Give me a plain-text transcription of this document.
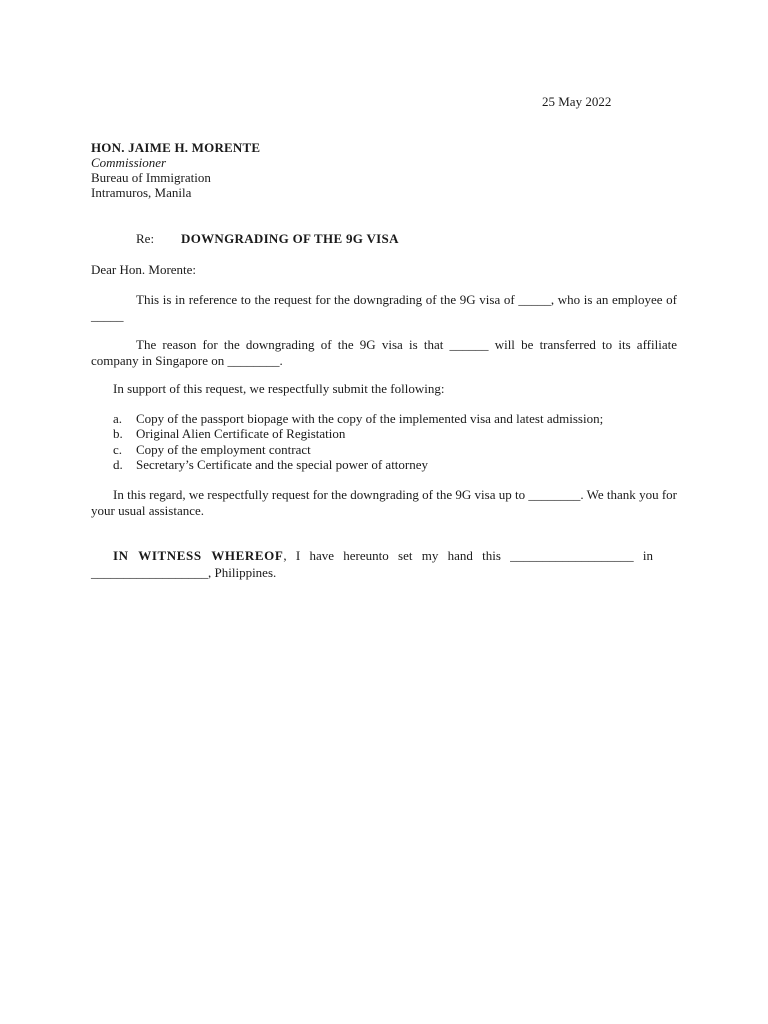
25 May 2022
HON. JAIME H. MORENTE
Commissioner
Bureau of Immigration
Intramuros, Manila
Re: DOWNGRADING OF THE 9G VISA
Dear Hon. Morente:
This is in reference to the request for the downgrading of the 9G visa of _____, who is an employee of _____
The reason for the downgrading of the 9G visa is that ______ will be transferred to its affiliate company in Singapore on ________.
In support of this request, we respectfully submit the following:
a. Copy of the passport biopage with the copy of the implemented visa and latest admission;
b. Original Alien Certificate of Registation
c. Copy of the employment contract
d. Secretary’s Certificate and the special power of attorney
In this regard, we respectfully request for the downgrading of the 9G visa up to ________. We thank you for your usual assistance.
IN WITNESS WHEREOF, I have hereunto set my hand this ___________________ in __________________, Philippines.
